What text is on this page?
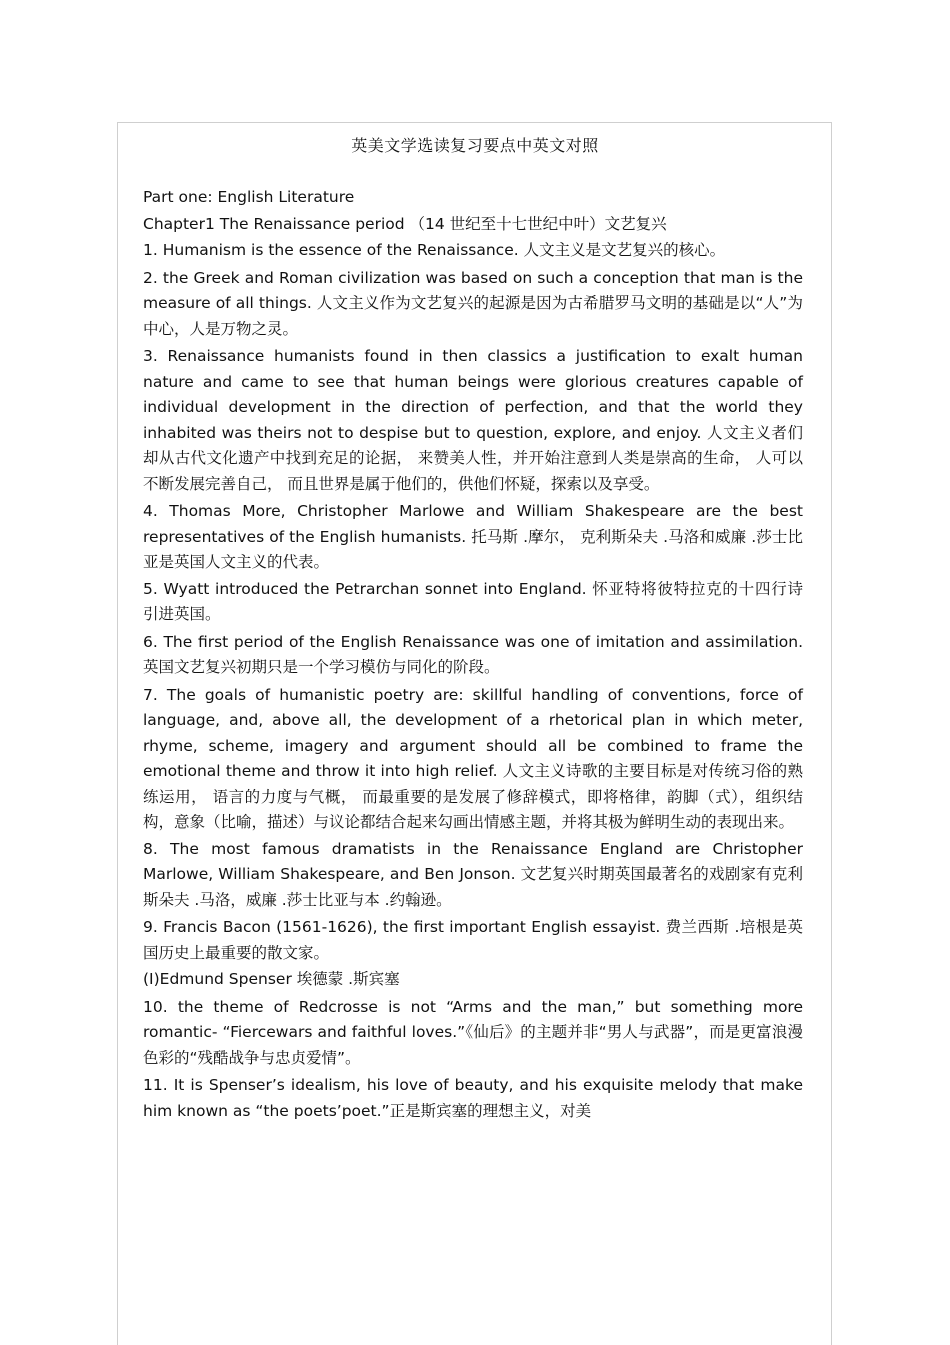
英美文学选读复习要点中英文对照

Part one: English Literature

Chapter1 The Renaissance period （14 世纪至十七世纪中叶）文艺复兴

1. Humanism is the essence of the Renaissance. 人文主义是文艺复兴的核心。

2. the Greek and Roman civilization was based on such a conception that man is the measure of all things. 人文主义作为文艺复兴的起源是因为古希腊罗马文明的基础是以“人”为中心，人是万物之灵。

3. Renaissance humanists found in then classics a justification to exalt human nature and came to see that human beings were glorious creatures capable of individual development in the direction of perfection, and that the world they inhabited was theirs not to despise but to question, explore, and enjoy. 人文主义者们却从古代文化遗产中找到充足的论据， 来赞美人性，并开始注意到人类是崇高的生命， 人可以不断发展完善自己， 而且世界是属于他们的，供他们怀疑，探索以及享受。

4. Thomas More, Christopher Marlowe and William Shakespeare are the best representatives of the English humanists. 托马斯 .摩尔， 克利斯朵夫 .马洛和威廉 .莎士比亚是英国人文主义的代表。

5. Wyatt introduced the Petrarchan sonnet into England. 怀亚特将彼特拉克的十四行诗引进英国。

6. The first period of the English Renaissance was one of imitation and assimilation. 英国文艺复兴初期只是一个学习模仿与同化的阶段。

7. The goals of humanistic poetry are: skillful handling of conventions, force of language, and, above all, the development of a rhetorical plan in which meter, rhyme, scheme, imagery and argument should all be combined to frame the emotional theme and throw it into high relief. 人文主义诗歌的主要目标是对传统习俗的熟练运用， 语言的力度与气概， 而最重要的是发展了修辞模式，即将格律，韵脚（式），组织结构，意象（比喻，描述）与议论都结合起来勾画出情感主题，并将其极为鲜明生动的表现出来。

8. The most famous dramatists in the Renaissance England are Christopher Marlowe, William Shakespeare, and Ben Jonson. 文艺复兴时期英国最著名的戏剧家有克利斯朵夫 .马洛，威廉 .莎士比亚与本 .约翰逊。

9. Francis Bacon (1561-1626), the first important English essayist. 费兰西斯 .培根是英国历史上最重要的散文家。

(I)Edmund Spenser 埃德蒙 .斯宾塞

10. the theme of Redcrosse is not “Arms and the man,” but something more romantic- “Fiercewars and faithful loves.”《仙后》的主题并非“男人与武器”，而是更富浪漫色彩的“残酷战争与忠贞爱情”。

11. It is Spenser’s idealism, his love of beauty, and his exquisite melody that make him known as “the poets’poet.”正是斯宾塞的理想主义，对美
